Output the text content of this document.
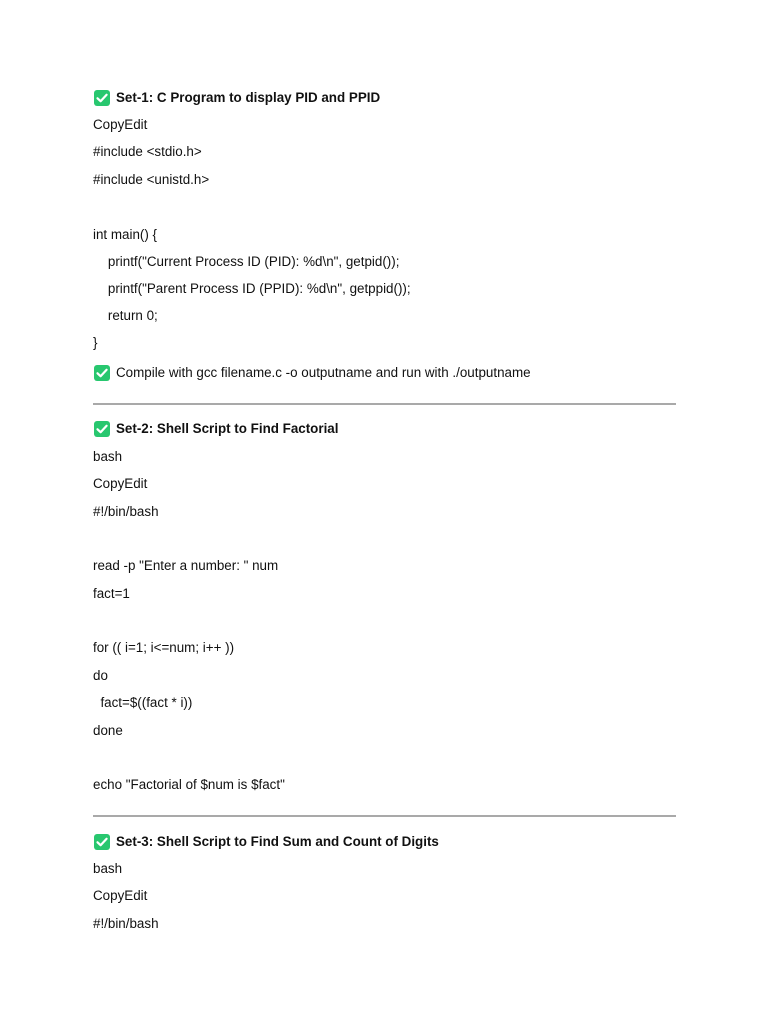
Set-1: C Program to display PID and PPID
CopyEdit
#include <stdio.h>
#include <unistd.h>
int main() {
printf("Current Process ID (PID): %d\n", getpid());
printf("Parent Process ID (PPID): %d\n", getppid());
return 0;
}
Compile with gcc filename.c -o outputname and run with ./outputname
Set-2: Shell Script to Find Factorial
bash
CopyEdit
#!/bin/bash
read -p "Enter a number: " num
fact=1
for (( i=1; i<=num; i++ ))
do
fact=$((fact * i))
done
echo "Factorial of $num is $fact"
Set-3: Shell Script to Find Sum and Count of Digits
bash
CopyEdit
#!/bin/bash
